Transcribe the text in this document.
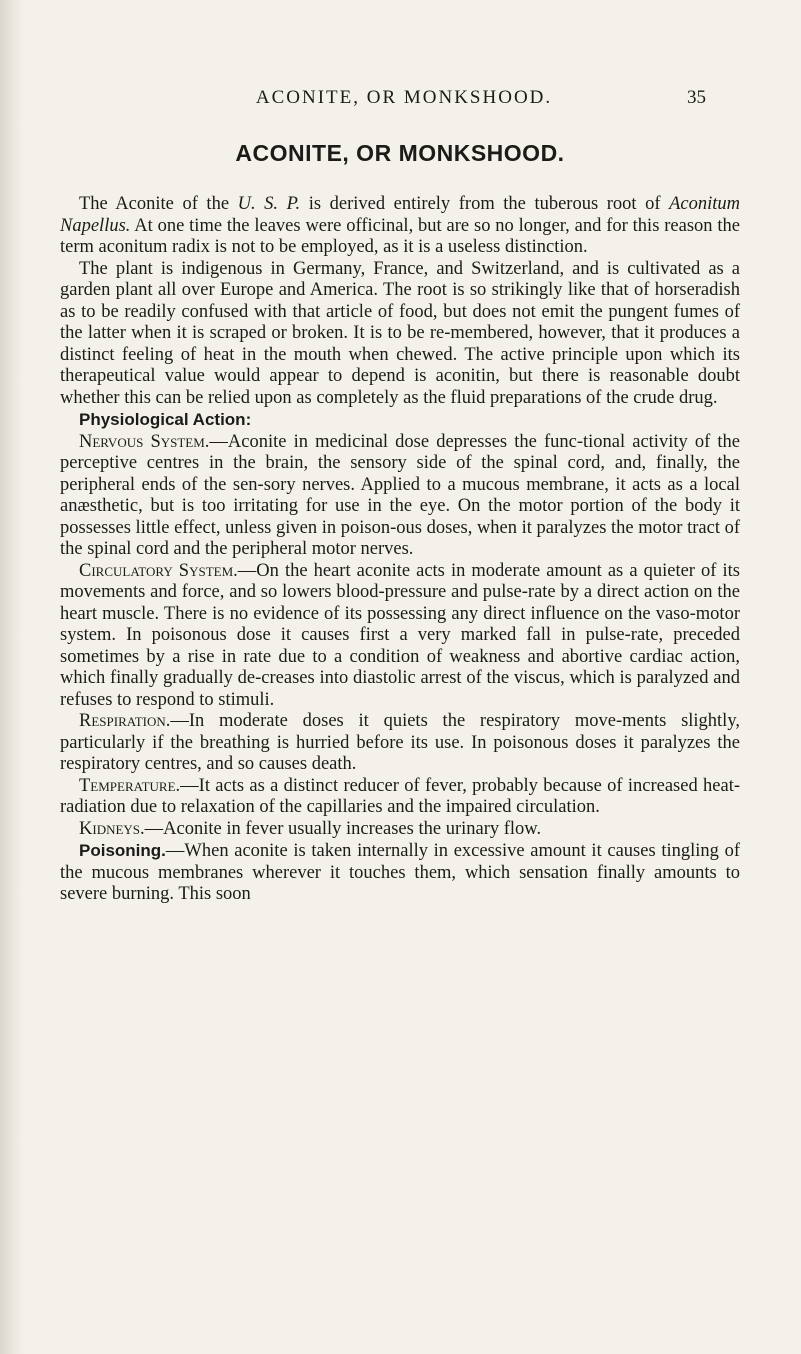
ACONITE, OR MONKSHOOD.	35
ACONITE, OR MONKSHOOD.

The Aconite of the U. S. P. is derived entirely from the tuberous root of Aconitum Napellus. At one time the leaves were officinal, but are so no longer, and for this reason the term aconitum radix is not to be employed, as it is a useless distinction.

The plant is indigenous in Germany, France, and Switzerland, and is cultivated as a garden plant all over Europe and America. The root is so strikingly like that of horseradish as to be readily confused with that article of food, but does not emit the pungent fumes of the latter when it is scraped or broken. It is to be re-membered, however, that it produces a distinct feeling of heat in the mouth when chewed. The active principle upon which its therapeutical value would appear to depend is aconitin, but there is reasonable doubt whether this can be relied upon as completely as the fluid preparations of the crude drug.

Physiological Action:

Nervous System.—Aconite in medicinal dose depresses the func-tional activity of the perceptive centres in the brain, the sensory side of the spinal cord, and, finally, the peripheral ends of the sen-sory nerves. Applied to a mucous membrane, it acts as a local anæsthetic, but is too irritating for use in the eye. On the motor portion of the body it possesses little effect, unless given in poison-ous doses, when it paralyzes the motor tract of the spinal cord and the peripheral motor nerves.

Circulatory System.—On the heart aconite acts in moderate amount as a quieter of its movements and force, and so lowers blood-pressure and pulse-rate by a direct action on the heart muscle. There is no evidence of its possessing any direct influence on the vaso-motor system. In poisonous dose it causes first a very marked fall in pulse-rate, preceded sometimes by a rise in rate due to a condition of weakness and abortive cardiac action, which finally gradually de-creases into diastolic arrest of the viscus, which is paralyzed and refuses to respond to stimuli.

Respiration.—In moderate doses it quiets the respiratory move-ments slightly, particularly if the breathing is hurried before its use. In poisonous doses it paralyzes the respiratory centres, and so causes death.

Temperature.—It acts as a distinct reducer of fever, probably because of increased heat-radiation due to relaxation of the capillaries and the impaired circulation.

Kidneys.—Aconite in fever usually increases the urinary flow.

Poisoning.—When aconite is taken internally in excessive amount it causes tingling of the mucous membranes wherever it touches them, which sensation finally amounts to severe burning. This soon
